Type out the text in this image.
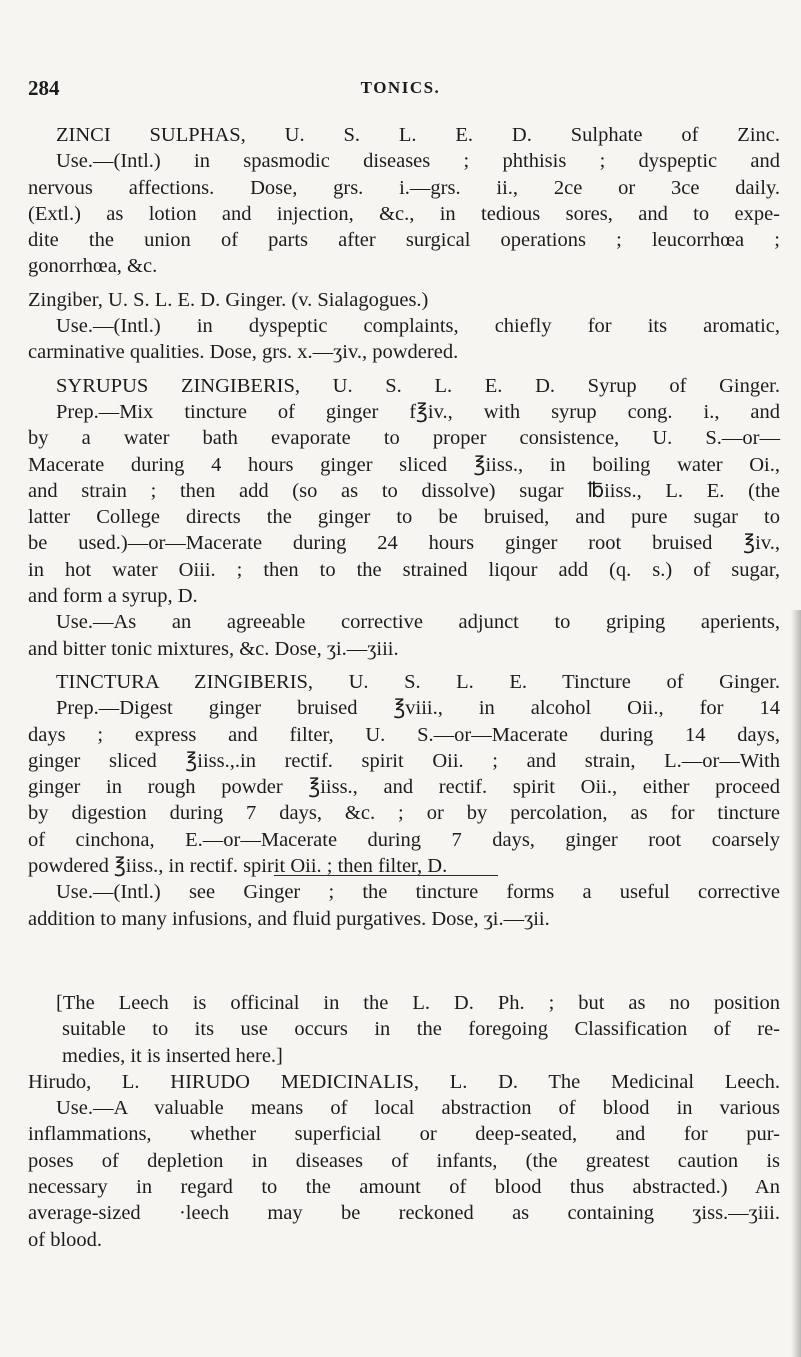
284	TONICS.
ZINCI SULPHAS, U. S. L. E. D. Sulphate of Zinc.
Use.—(Intl.) in spasmodic diseases ; phthisis ; dyspeptic and
nervous affections. Dose, grs. i.—grs. ii., 2ce or 3ce daily.
(Extl.) as lotion and injection, &c., in tedious sores, and to expe-
dite the union of parts after surgical operations ; leucorrhœa ;
gonorrhœa, &c.
Zingiber, U. S. L. E. D. Ginger. (v. Sialagogues.)
Use.—(Intl.) in dyspeptic complaints, chiefly for its aromatic,
carminative qualities. Dose, grs. x.—ʒiv., powdered.
SYRUPUS ZINGIBERIS, U. S. L. E. D. Syrup of Ginger.
Prep.—Mix tincture of ginger f℥iv., with syrup cong. i., and
by a water bath evaporate to proper consistence, U. S.—or—
Macerate during 4 hours ginger sliced ℥iiss., in boiling water Oi.,
and strain ; then add (so as to dissolve) sugar ℔iiss., L. E. (the
latter College directs the ginger to be bruised, and pure sugar to
be used.)—or—Macerate during 24 hours ginger root bruised ℥iv.,
in hot water Oiii. ; then to the strained liqour add (q. s.) of sugar,
and form a syrup, D.
Use.—As an agreeable corrective adjunct to griping aperients,
and bitter tonic mixtures, &c. Dose, ʒi.—ʒiii.
TINCTURA ZINGIBERIS, U. S. L. E. Tincture of Ginger.
Prep.—Digest ginger bruised ℥viii., in alcohol Oii., for 14
days ; express and filter, U. S.—or—Macerate during 14 days,
ginger sliced ℥iiss.,.in rectif. spirit Oii. ; and strain, L.—or—With
ginger in rough powder ℥iiss., and rectif. spirit Oii., either proceed
by digestion during 7 days, &c. ; or by percolation, as for tincture
of cinchona, E.—or—Macerate during 7 days, ginger root coarsely
powdered ℥iiss., in rectif. spirit Oii. ; then filter, D.
Use.—(Intl.) see Ginger ; the tincture forms a useful corrective
addition to many infusions, and fluid purgatives. Dose, ʒi.—ʒii.
[The Leech is officinal in the L. D. Ph. ; but as no position
suitable to its use occurs in the foregoing Classification of re-
medies, it is inserted here.]
Hirudo, L. HIRUDO MEDICINALIS, L. D. The Medicinal Leech.
Use.—A valuable means of local abstraction of blood in various
inflammations, whether superficial or deep-seated, and for pur-
poses of depletion in diseases of infants, (the greatest caution is
necessary in regard to the amount of blood thus abstracted.) An
average-sized ·leech may be reckoned as containing ʒiss.—ʒiii.
of blood.
